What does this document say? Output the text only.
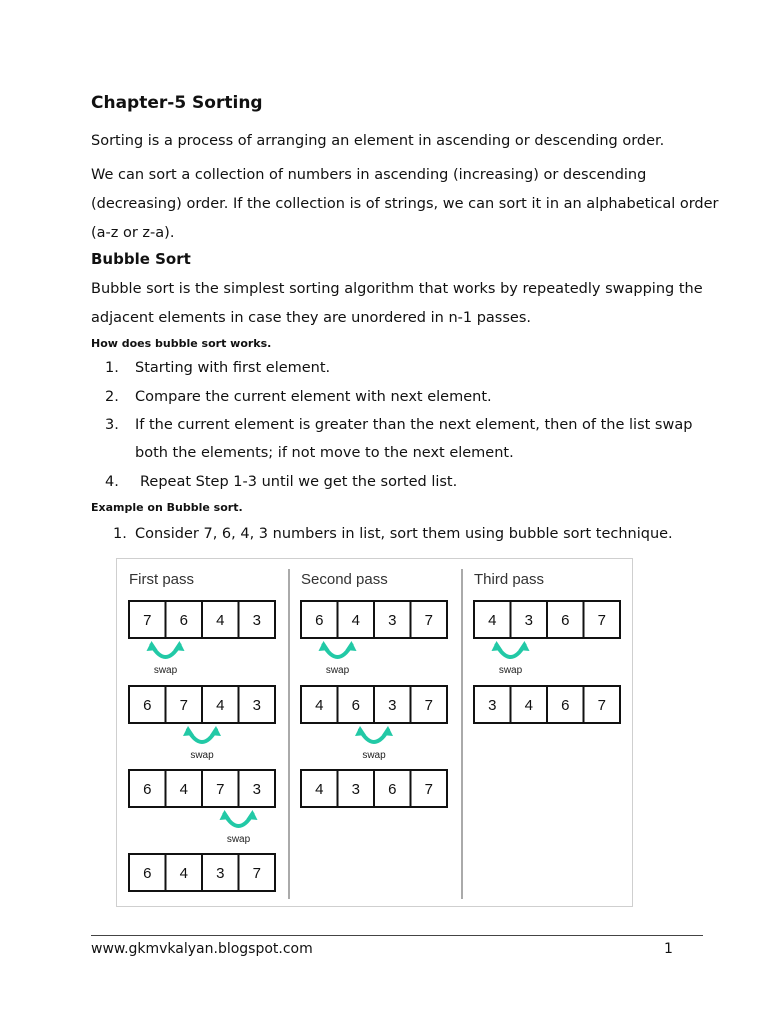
Chapter-5 Sorting
Sorting is a process of arranging an element in ascending or descending order.
We can sort a collection of numbers in ascending (increasing) or descending (decreasing) order. If the collection is of strings, we can sort it in an alphabetical order (a-z or z-a).
Bubble Sort
Bubble sort is the simplest sorting algorithm that works by repeatedly swapping the adjacent elements in case they are unordered in n-1 passes.
How does bubble sort works.
1. Starting with first element.
2. Compare the current element with next element.
3. If the current element is greater than the next element, then of the list swap both the elements; if not move to the next element.
4. Repeat Step 1-3 until we get the sorted list.
Example on Bubble sort.
1. Consider 7, 6, 4, 3 numbers in list, sort them using bubble sort technique.
First pass
7 6 4 3
6 7 4 3
6 4 7 3
6 4 3 7
swap
swap
swap
Second pass
6 4 3 7
4 6 3 7
4 3 6 7
swap
swap
Third pass
4 3 6 7
3 4 6 7
swap
www.gkmvkalyan.blogspot.com	1
